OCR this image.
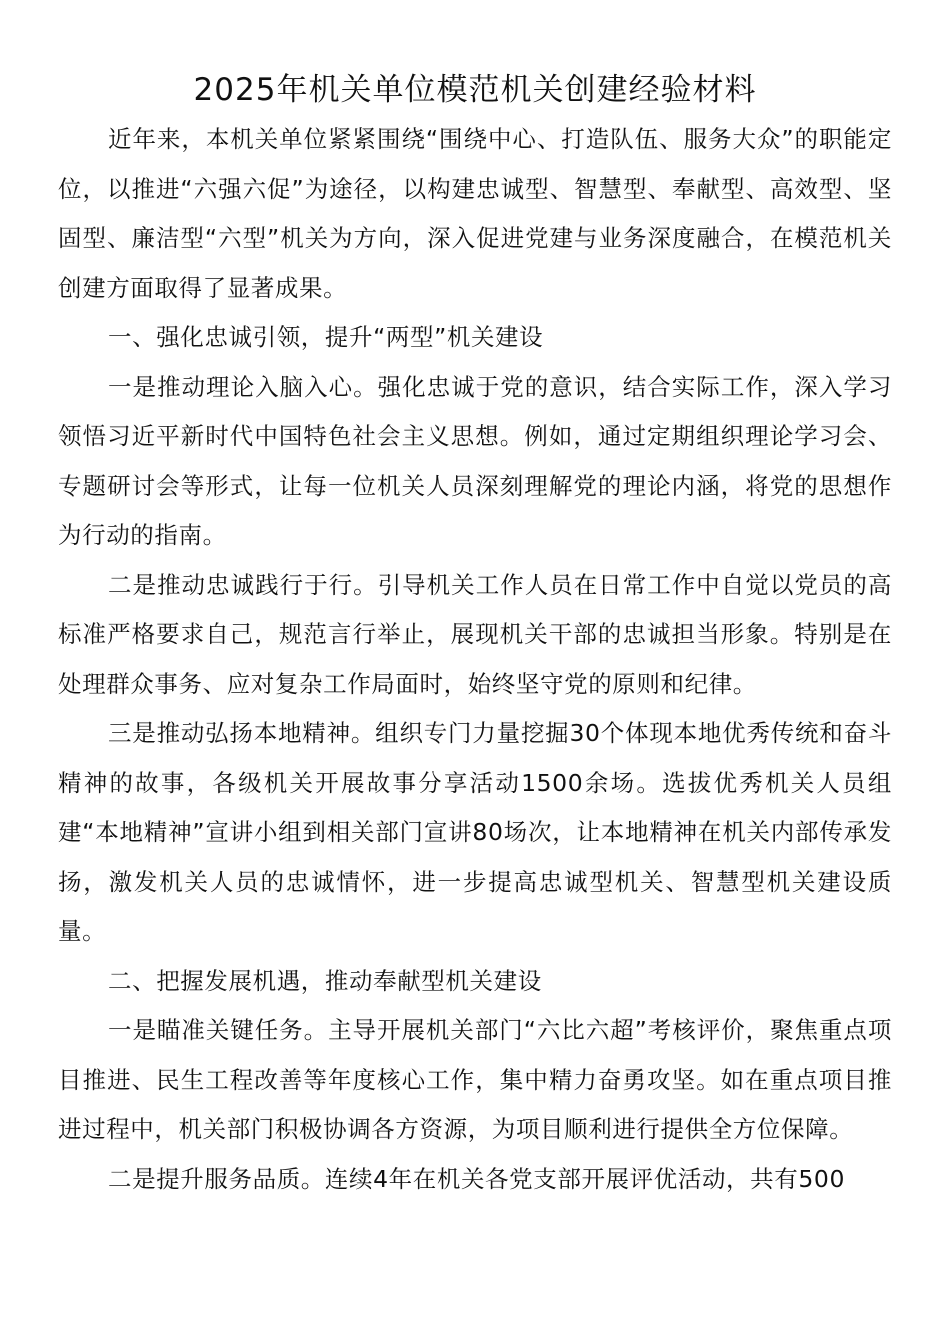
2025年机关单位模范机关创建经验材料

近年来，本机关单位紧紧围绕“围绕中心、打造队伍、服务大众”的职能定位，以推进“六强六促”为途径，以构建忠诚型、智慧型、奉献型、高效型、坚固型、廉洁型“六型”机关为方向，深入促进党建与业务深度融合，在模范机关创建方面取得了显著成果。

一、强化忠诚引领，提升“两型”机关建设

一是推动理论入脑入心。强化忠诚于党的意识，结合实际工作，深入学习领悟习近平新时代中国特色社会主义思想。例如，通过定期组织理论学习会、专题研讨会等形式，让每一位机关人员深刻理解党的理论内涵，将党的思想作为行动的指南。

二是推动忠诚践行于行。引导机关工作人员在日常工作中自觉以党员的高标准严格要求自己，规范言行举止，展现机关干部的忠诚担当形象。特别是在处理群众事务、应对复杂工作局面时，始终坚守党的原则和纪律。

三是推动弘扬本地精神。组织专门力量挖掘30个体现本地优秀传统和奋斗精神的故事，各级机关开展故事分享活动1500余场。选拔优秀机关人员组建“本地精神”宣讲小组到相关部门宣讲80场次，让本地精神在机关内部传承发扬，激发机关人员的忠诚情怀，进一步提高忠诚型机关、智慧型机关建设质量。

二、把握发展机遇，推动奉献型机关建设

一是瞄准关键任务。主导开展机关部门“六比六超”考核评价，聚焦重点项目推进、民生工程改善等年度核心工作，集中精力奋勇攻坚。如在重点项目推进过程中，机关部门积极协调各方资源，为项目顺利进行提供全方位保障。

二是提升服务品质。连续4年在机关各党支部开展评优活动，共有500
